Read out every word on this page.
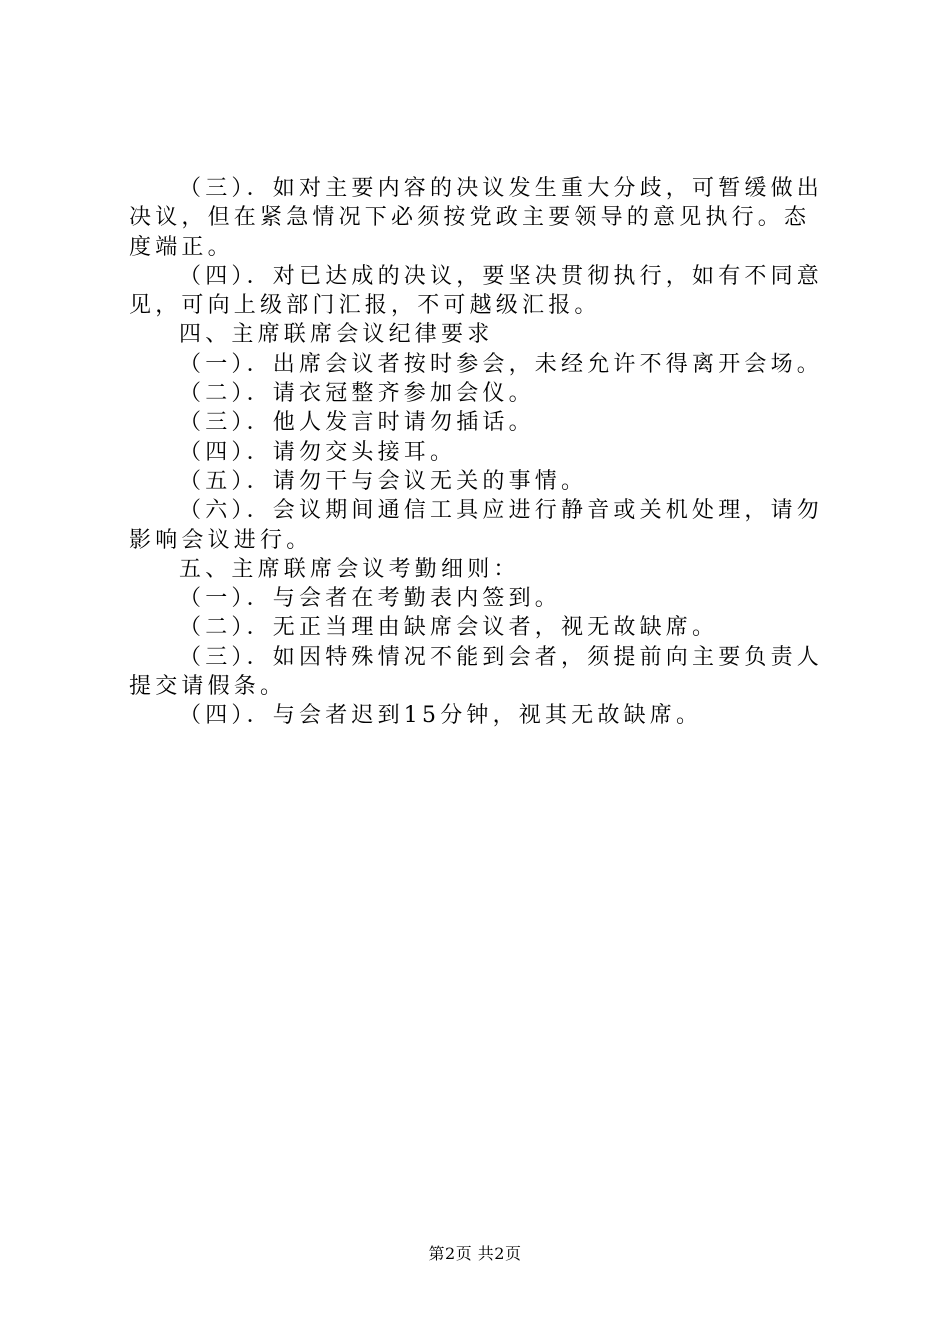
（三）．如对主要内容的决议发生重大分歧，可暂缓做出决议，但在紧急情况下必须按党政主要领导的意见执行。态度端正。

（四）．对已达成的决议，要坚决贯彻执行，如有不同意见，可向上级部门汇报，不可越级汇报。

四、主席联席会议纪律要求

（一）．出席会议者按时参会，未经允许不得离开会场。

（二）．请衣冠整齐参加会仪。

（三）．他人发言时请勿插话。

（四）．请勿交头接耳。

（五）．请勿干与会议无关的事情。

（六）．会议期间通信工具应进行静音或关机处理，请勿影响会议进行。

五、主席联席会议考勤细则：

（一）．与会者在考勤表内签到。

（二）．无正当理由缺席会议者，视无故缺席。

（三）．如因特殊情况不能到会者，须提前向主要负责人提交请假条。

（四）．与会者迟到15分钟，视其无故缺席。

第2页 共2页
